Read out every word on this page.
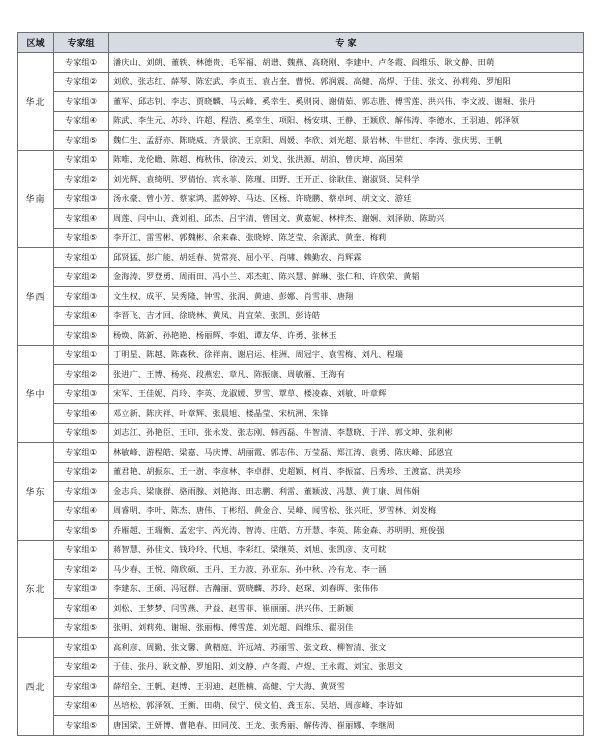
区域	专家组	专 家
华北	专家组①	潘庆山、刘朗、董轶、林德贵、毛军福、胡谱、魏燕、高晓刚、李建中、卢冬霞、阎维乐、耿文静、田萌
	专家组②	刘欣、张志红、薛琴、陈宏武、李贞玉、袁占奎、曹悦、郭润震、高健、高焊、于佳、张文、孙莉苑、罗旭阳
	专家组③	董军、邱志钊、李志、贾晓麟、马云峰、奚幸生、奚则岗、谢倩茹、郭志胜、傅雪莲、洪兴伟、李文波、谢堀、张丹
	专家组④	陈武、李生元、苏玲、许超、程浩、奚幸生、项阳、杨安琪、王静、王颖欣、解伟涛、李德水、王羽迪、郭泽领
	专家组⑤	魏仁生、孟舒亦、陈晓威、齐景滨、王京阳、周媛、李欣、刘光超、景岩林、牛世红、李涛、张庆男、王帆
华南	专家组①	陈唯、龙伦瞻、陈超、梅秋伟、徐凌云、刘戈、张洪源、胡泊、曾庆坤、高国荣
	专家组②	刘光辉、袁绮明、罗倩怡、宾永菲、陈瑾、田野、王开正、徐耿佳、谢淑贤、吴科学
	专家组③	汤永豪、曾小芳、蔡家鸿、蓝婷婷、马达、区杨、许晓鹏、蔡卓珂、胡文文、游廷
	专家组④	周莲、闫中山、龚刘祖、邱杰、吕宇清、曾国文、黄嘉妮、林梓杰、谢娴、刘泽勋、陈助兴
	专家组⑤	李开江、雷雪彬、郭魏彬、余来森、张晓婷、陈芝莹、余源武、黄奎、梅莉
华西	专家组①	邱贤猛、彭广能、胡廷春、贺常亮、屈小平、肖啸、赖勤农、肖辉霖
	专家组②	金海涛、罗登勇、周雨田、冯小兰、邓杰虹、陈兴慧、鲜琳、张仁和、许欣荣、黄韬
	专家组③	文生权、成平、吴秀隆、钟雪、张润、黄迪、彭娜、肖雪菲、唐翔
	专家组④	李晋飞、吉才回、徐晓林、黄凤、肖宜荣、张凯、彭诗皓
	专家组⑤	杨焕、陈新、孙艳艳、杨丽辉、李姐、谭友华、许勇、张林玉
华中	专家组①	丁明星、陈越、陈森秋、徐祥南、谢启运、桂洲、周冠宇、袁雪梅、刘凡、程瑞
	专家组②	张进广、王博、杨亮、段燕宏、章凡、陈振康、周敏雁、王海有
	专家组③	宋军、王佳妮、肖玲、李英、龙淑媛、罗雪、覃草、楼凌森、刘敏、叶章辉
	专家组④	邓立新、陈庆祥、叶章辉、张晨旭、楼晶莹、宋杭洲、朱锋
	专家组⑤	刘志江、孙艳臣、王印、张永发、张志刚、韩西磊、牛智清、李慧晓、于洋、郭文坤、张利彬
华东	专家组①	林敏峰、游程皓、梁嘉、马庆博、胡丽霞、郭志伟、万莹磊、郑江涛、袁勇、陈庆峰、邱恩宜
	专家组②	董君艳、胡振东、王一澍、李彦林、李卓群、史超颖、柯肖、李振富、吕秀珍、王渡富、洪美珍
	专家组③	金志兵、梁康群、骆雨腺、刘艳海、田志鹏、利雷、董颖波、冯慧、黄丁康、周伟娟
	专家组④	周睿明、李叶、陈杰、唐伟、丁彬绍、黄金合、吴峰、闻雪松、张兴旺、罗雪林、刘发梅
	专家组⑤	乔雁超、王瑞衡、孟宏宇、芮光涛、智涛、庄皓、方开慧、李英、陈金森、苏明明、班俊强
东北	专家组①	蒋智慧、孙佳文、钱玲玲、代旭、李彩红、梁继英、刘旭、张凯彦、支可眈
	专家组②	马少春、王悦、隋欣硕、王丹、王力波、孙亚东、孙中秋、冷有龙、李一涵
	专家组③	李建东、王硕、冯冠群、吉瀚丽、贾晓麟、苏玲、赵琛、刘春晖、张伟伟
	专家组④	刘松、王梦梦、闫雪燕、尹益、赵雪菲、崔丽丽、洪兴伟、王新颖
	专家组⑤	张明、刘莉苑、谢堀、张丽梅、傅雪莲、刘光超、阎维乐、翟羽佳
西北	专家组①	高利彦、周勤、张文馨、黄精庭、许远靖、苏丽雪、张文政、柳智清、张文
	专家组②	于佳、张丹、耿文静、罗旭阳、刘文静、卢冬霞、卢煜、王永霞、刘宝、张思文
	专家组③	薛绍全、王帆、赵博、王羽迪、赵胜楠、高健、宁大海、黄贤雪
	专家组④	丛培松、郭泽领、王衡、田萌、侯宁、侯文伯、龚玉东、吴培、周彦峰、李诗如
	专家组⑤	唐国梁、王妍博、曹艳春、田同茂、王龙、张秀丽、解传涛、崔丽娜、李继周
